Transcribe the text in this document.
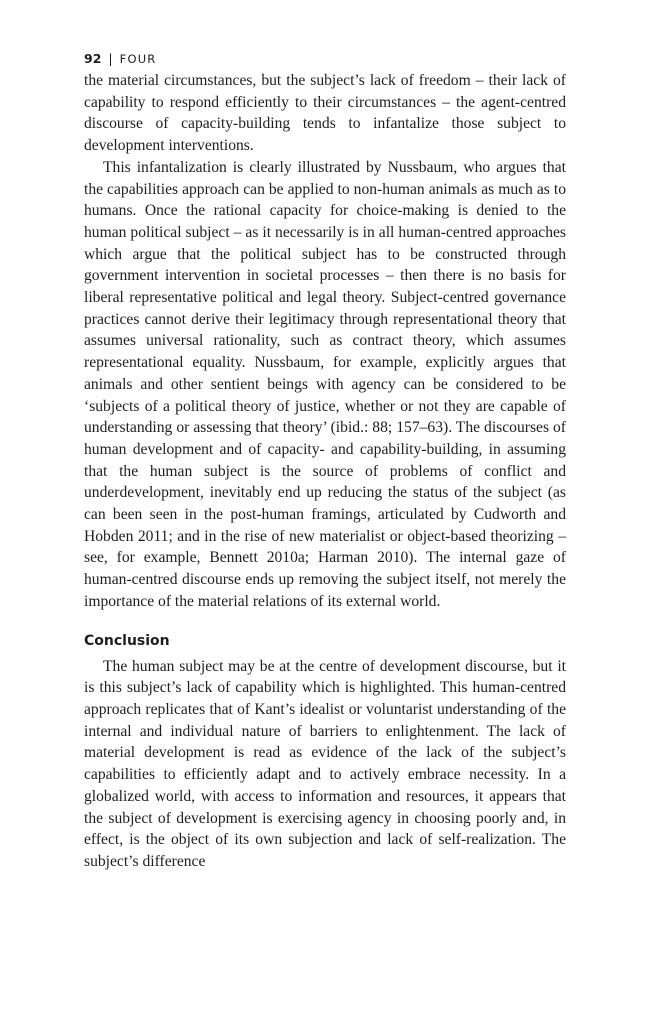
92 | FOUR

the material circumstances, but the subject’s lack of freedom – their lack of capability to respond efficiently to their circumstances – the agent-centred discourse of capacity-building tends to infantalize those subject to development interventions.

This infantalization is clearly illustrated by Nussbaum, who argues that the capabilities approach can be applied to non-human animals as much as to humans. Once the rational capacity for choice-making is denied to the human political subject – as it necessarily is in all human-centred approaches which argue that the political subject has to be constructed through government intervention in societal processes – then there is no basis for liberal representative political and legal theory. Subject-centred governance practices cannot derive their legitimacy through representational theory that assumes universal rationality, such as contract theory, which assumes representational equality. Nussbaum, for example, explicitly argues that animals and other sentient beings with agency can be considered to be ‘subjects of a political theory of justice, whether or not they are capable of understanding or assessing that theory’ (ibid.: 88; 157–63). The discourses of human development and of capacity- and capability-building, in assuming that the human subject is the source of problems of conflict and underdevelopment, inevitably end up reducing the status of the subject (as can been seen in the post-human framings, articulated by Cudworth and Hobden 2011; and in the rise of new materialist or object-based theorizing – see, for example, Bennett 2010a; Harman 2010). The internal gaze of human-centred discourse ends up removing the subject itself, not merely the importance of the material relations of its external world.

Conclusion

The human subject may be at the centre of development discourse, but it is this subject’s lack of capability which is highlighted. This human-centred approach replicates that of Kant’s idealist or voluntarist understanding of the internal and individual nature of barriers to enlightenment. The lack of material development is read as evidence of the lack of the subject’s capabilities to efficiently adapt and to actively embrace necessity. In a globalized world, with access to information and resources, it appears that the subject of development is exercising agency in choosing poorly and, in effect, is the object of its own subjection and lack of self-realization. The subject’s difference
